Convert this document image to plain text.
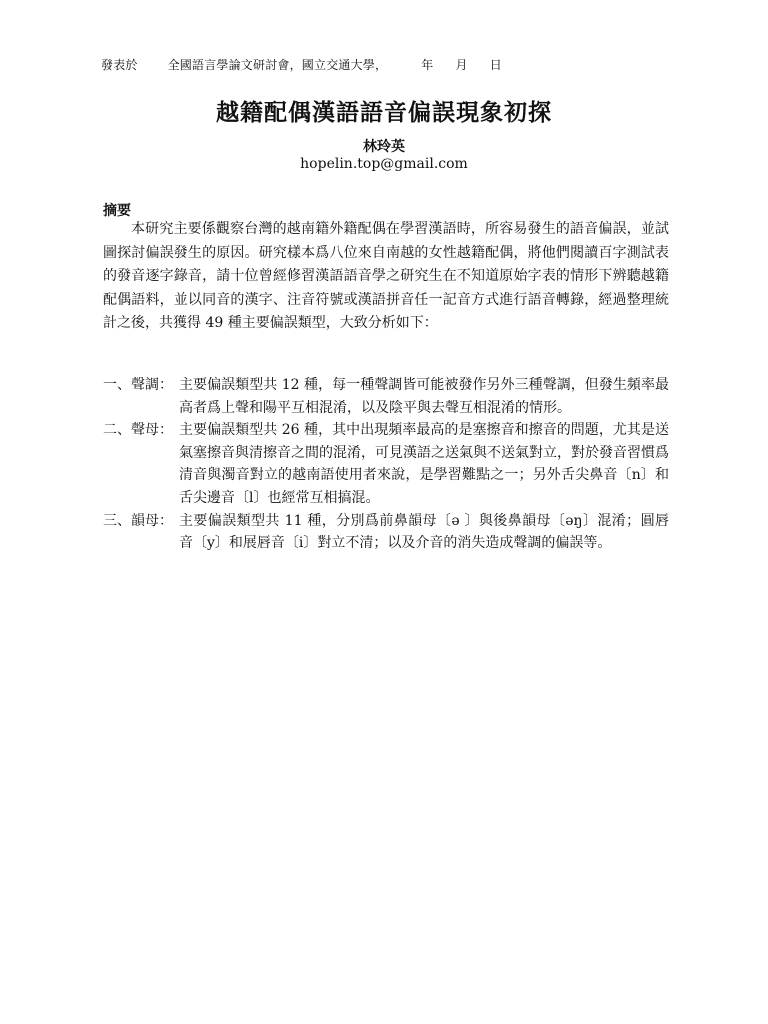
發表於	全國語言學論文研討會，國立交通大學，	年 月 日
越籍配偶漢語語音偏誤現象初探
林玲英
hopelin.top@gmail.com
摘要
本研究主要係觀察台灣的越南籍外籍配偶在學習漢語時，所容易發生的語音偏誤，並試圖探討偏誤發生的原因。研究樣本爲八位來自南越的女性越籍配偶，將他們閱讀百字測試表的發音逐字錄音，請十位曾經修習漢語語音學之研究生在不知道原始字表的情形下辨聽越籍配偶語料，並以同音的漢字、注音符號或漢語拼音任一記音方式進行語音轉錄，經過整理統計之後，共獲得 49 種主要偏誤類型，大致分析如下：
一、聲調： 主要偏誤類型共 12 種，每一種聲調皆可能被發作另外三種聲調，但發生頻率最高者爲上聲和陽平互相混淆，以及陰平與去聲互相混淆的情形。
二、聲母： 主要偏誤類型共 26 種，其中出現頻率最高的是塞擦音和擦音的問題，尤其是送氣塞擦音與清擦音之間的混淆，可見漢語之送氣與不送氣對立，對於發音習慣爲清音與濁音對立的越南語使用者來說，是學習難點之一；另外舌尖鼻音〔n〕和舌尖邊音〔l〕也經常互相搞混。
三、韻母： 主要偏誤類型共 11 種，分別爲前鼻韻母〔ə 〕與後鼻韻母〔əŋ〕混淆；圓唇音〔y〕和展唇音〔i〕對立不清；以及介音的消失造成聲調的偏誤等。
